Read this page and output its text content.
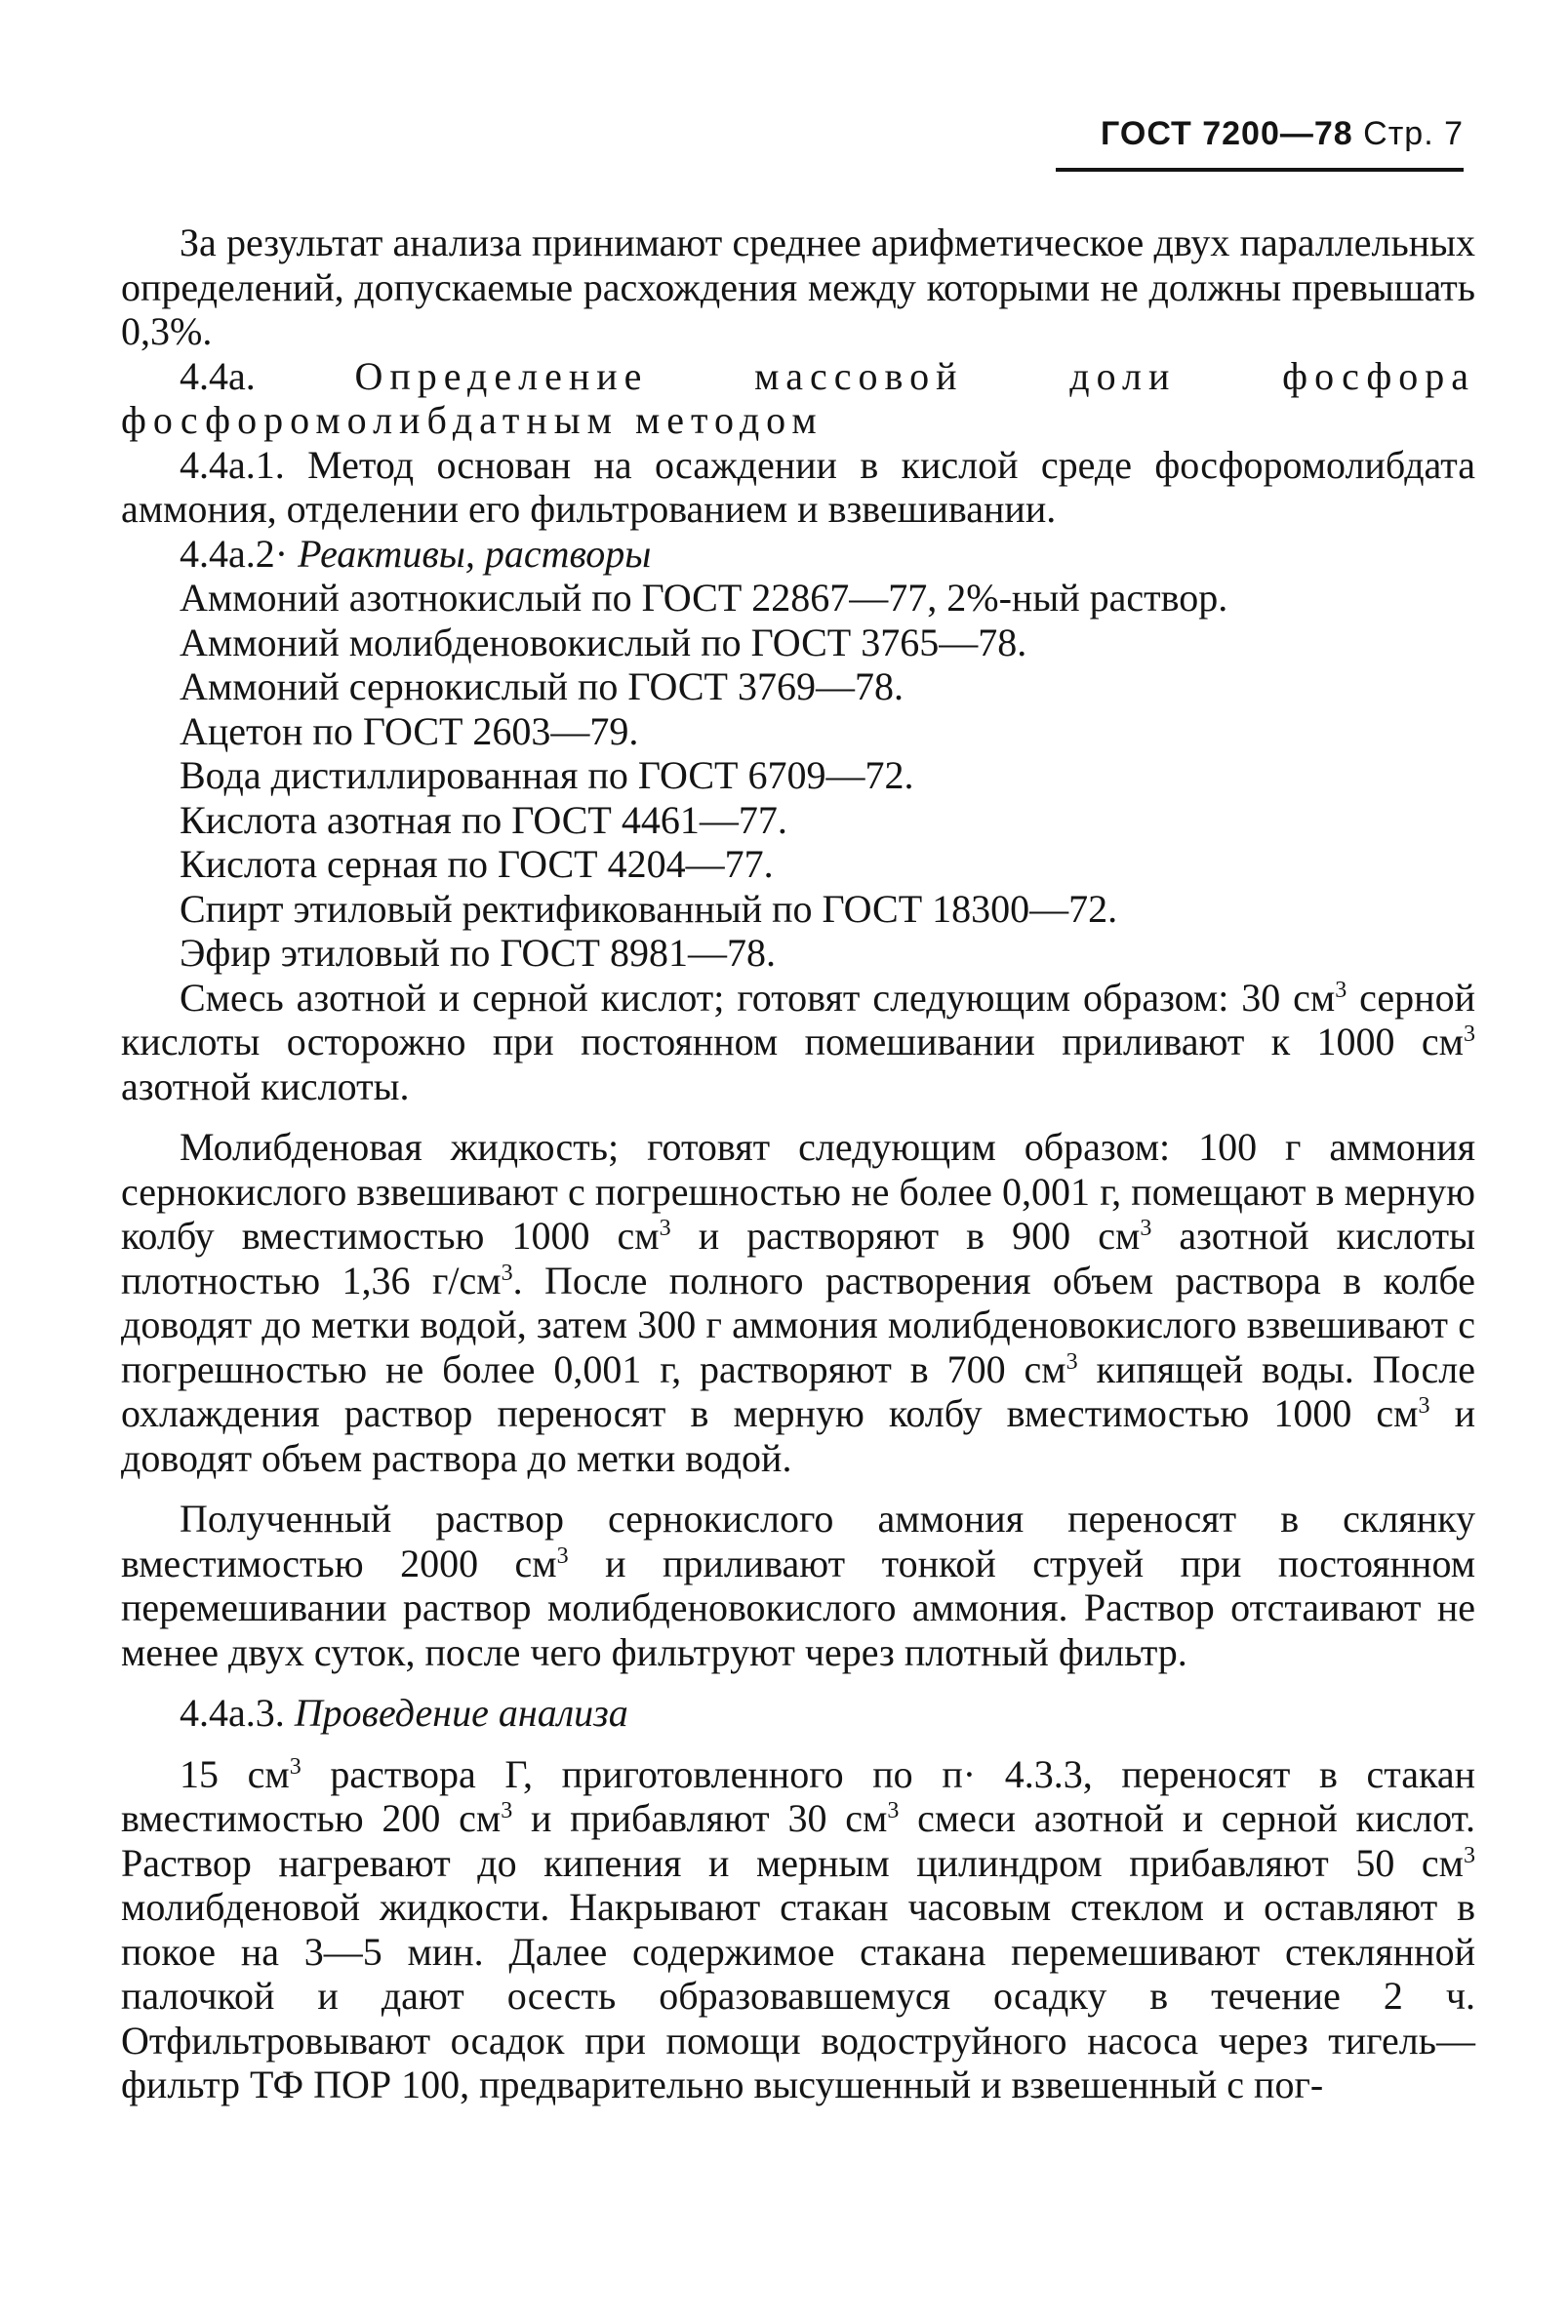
ГОСТ 7200—78 Стр. 7

За результат анализа принимают среднее арифметическое двух параллельных определений, допускаемые расхождения между которыми не должны превышать 0,3%.

4.4а.	Определение массовой доли фосфора фосфоромолибдатным методом

4.4а.1. Метод основан на осаждении в кислой среде фосфоромолибдата аммония, отделении его фильтрованием и взвешивании.

4.4а.2· Реактивы, растворы

Аммоний азотнокислый по ГОСТ 22867—77, 2%-ный раствор.

Аммоний молибденовокислый по ГОСТ 3765—78.

Аммоний сернокислый по ГОСТ 3769—78.

Ацетон по ГОСТ 2603—79.

Вода дистиллированная по ГОСТ 6709—72.

Кислота азотная по ГОСТ 4461—77.

Кислота серная по ГОСТ 4204—77.

Спирт этиловый ректификованный по ГОСТ 18300—72.

Эфир этиловый по ГОСТ 8981—78.

Смесь азотной и серной кислот; готовят следующим образом: 30 $см^3$ серной кислоты осторожно при постоянном помешивании приливают к 1000 $см^3$ азотной кислоты.

Молибденовая жидкость; готовят следующим образом: 100 г аммония сернокислого взвешивают с погрешностью не более 0,001 г, помещают в мерную колбу вместимостью 1000 $см^3$ и растворяют в 900 $см^3$ азотной кислоты плотностью 1,36 $г/см^3$. После полного растворения объем раствора в колбе доводят до метки водой, затем 300 г аммония молибденовокислого взвешивают с погрешностью не более 0,001 г, растворяют в 700 $см^3$ кипящей воды. После охлаждения раствор переносят в мерную колбу вместимостью 1000 $см^3$ и доводят объем раствора до метки водой.

Полученный раствор сернокислого аммония переносят в склянку вместимостью 2000 $см^3$ и приливают тонкой струей при постоянном перемешивании раствор молибденовокислого аммония. Раствор отстаивают не менее двух суток, после чего фильтруют через плотный фильтр.

4.4а.3. Проведение анализа

15 $см^3$ раствора Г, приготовленного по п· 4.3.3, переносят в стакан вместимостью 200 $см^3$ и прибавляют 30 $см^3$ смеси азотной и серной кислот. Раствор нагревают до кипения и мерным цилиндром прибавляют 50 $см^3$ молибденовой жидкости. Накрывают стакан часовым стеклом и оставляют в покое на 3—5 мин. Далее содержимое стакана перемешивают стеклянной палочкой и дают осесть образовавшемуся осадку в течение 2 ч. Отфильтровывают осадок при помощи водоструйного насоса через тигель—фильтр ТФ ПОР 100, предварительно высушенный и взвешенный с пог-
